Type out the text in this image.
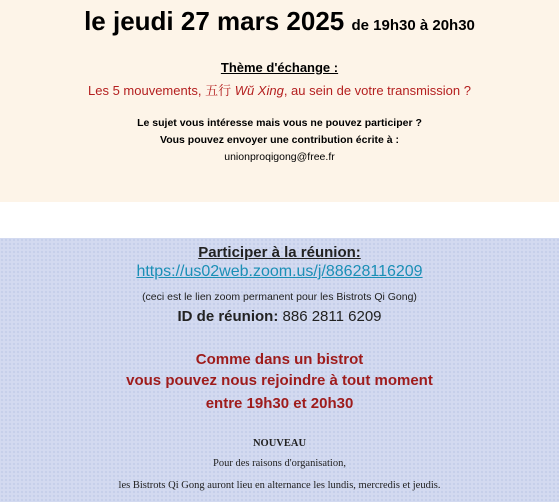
le jeudi 27 mars 2025 de 19h30 à 20h30
Thème d'échange :
Les 5 mouvements, 五行 Wŭ Xing, au sein de votre transmission ?
Le sujet vous intéresse mais vous ne pouvez participer ?
Vous pouvez envoyer une contribution écrite à :
unionproqigong@free.fr
Participer à la réunion:
https://us02web.zoom.us/j/88628116209
(ceci est le lien zoom permanent pour les Bistrots Qi Gong)
ID de réunion: 886 2811 6209
Comme dans un bistrot
vous pouvez nous rejoindre à tout moment
entre 19h30 et 20h30
NOUVEAU
Pour des raisons d'organisation,
les Bistrots Qi Gong auront lieu en alternance les lundis, mercredis et jeudis.
